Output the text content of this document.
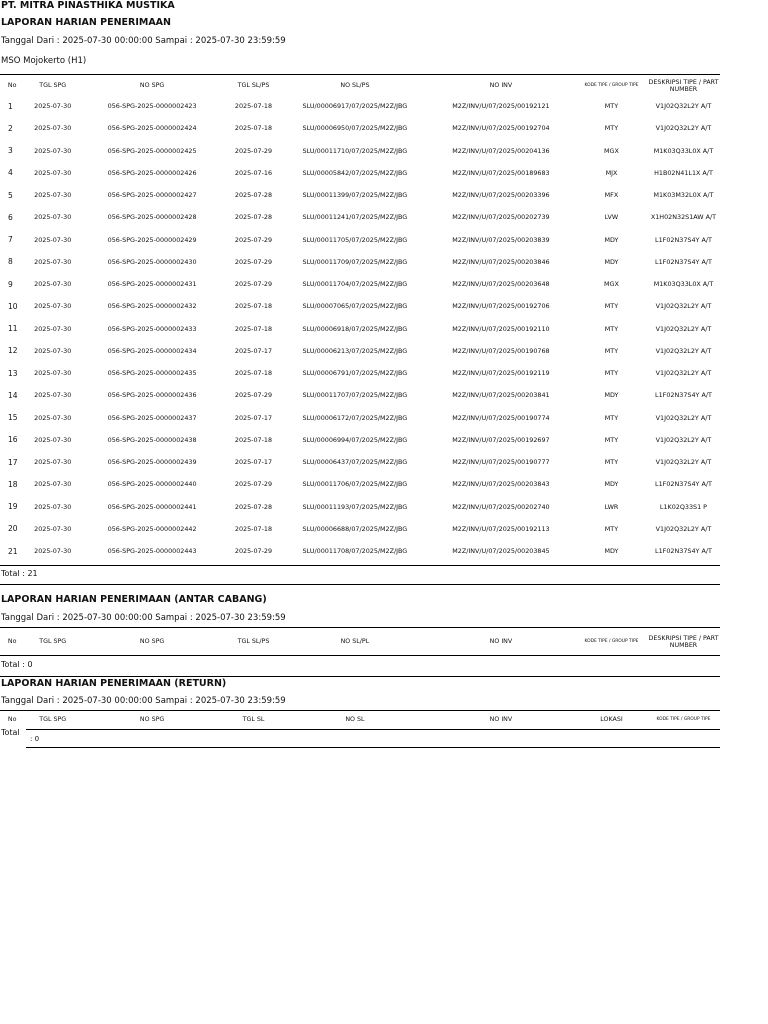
PT. MITRA PINASTHIKA MUSTIKA
LAPORAN HARIAN PENERIMAAN
Tanggal Dari : 2025-07-30 00:00:00 Sampai : 2025-07-30 23:59:59
MSO Mojokerto (H1)
No	TGL SPG	NO SPG	TGL SL/PS	NO SL/PS	NO INV	KODE TIPE / GROUP TIPE	DESKRIPSI TIPE / PART NUMBER
1	2025-07-30	056-SPG-2025-0000002423	2025-07-18	SLU/00006917/07/2025/M2Z/JBG	M2Z/INV/U/07/2025/00192121	MTY	V1J02Q32L2Y A/T
2	2025-07-30	056-SPG-2025-0000002424	2025-07-18	SLU/00006950/07/2025/M2Z/JBG	M2Z/INV/U/07/2025/00192704	MTY	V1J02Q32L2Y A/T
3	2025-07-30	056-SPG-2025-0000002425	2025-07-29	SLU/00011710/07/2025/M2Z/JBG	M2Z/INV/U/07/2025/00204136	MGX	M1K03Q33L0X A/T
4	2025-07-30	056-SPG-2025-0000002426	2025-07-16	SLU/00005842/07/2025/M2Z/JBG	M2Z/INV/U/07/2025/00189683	MJX	H1B02N41L1X A/T
5	2025-07-30	056-SPG-2025-0000002427	2025-07-28	SLU/00011399/07/2025/M2Z/JBG	M2Z/INV/U/07/2025/00203396	MFX	M1K03M32L0X A/T
6	2025-07-30	056-SPG-2025-0000002428	2025-07-28	SLU/00011241/07/2025/M2Z/JBG	M2Z/INV/U/07/2025/00202739	LVW	X1H02N32S1AW A/T
7	2025-07-30	056-SPG-2025-0000002429	2025-07-29	SLU/00011705/07/2025/M2Z/JBG	M2Z/INV/U/07/2025/00203839	MDY	L1F02N37S4Y A/T
8	2025-07-30	056-SPG-2025-0000002430	2025-07-29	SLU/00011709/07/2025/M2Z/JBG	M2Z/INV/U/07/2025/00203846	MDY	L1F02N37S4Y A/T
9	2025-07-30	056-SPG-2025-0000002431	2025-07-29	SLU/00011704/07/2025/M2Z/JBG	M2Z/INV/U/07/2025/00203648	MGX	M1K03Q33L0X A/T
10	2025-07-30	056-SPG-2025-0000002432	2025-07-18	SLU/00007065/07/2025/M2Z/JBG	M2Z/INV/U/07/2025/00192706	MTY	V1J02Q32L2Y A/T
11	2025-07-30	056-SPG-2025-0000002433	2025-07-18	SLU/00006918/07/2025/M2Z/JBG	M2Z/INV/U/07/2025/00192110	MTY	V1J02Q32L2Y A/T
12	2025-07-30	056-SPG-2025-0000002434	2025-07-17	SLU/00006213/07/2025/M2Z/JBG	M2Z/INV/U/07/2025/00190768	MTY	V1J02Q32L2Y A/T
13	2025-07-30	056-SPG-2025-0000002435	2025-07-18	SLU/00006791/07/2025/M2Z/JBG	M2Z/INV/U/07/2025/00192119	MTY	V1J02Q32L2Y A/T
14	2025-07-30	056-SPG-2025-0000002436	2025-07-29	SLU/00011707/07/2025/M2Z/JBG	M2Z/INV/U/07/2025/00203841	MDY	L1F02N37S4Y A/T
15	2025-07-30	056-SPG-2025-0000002437	2025-07-17	SLU/00006172/07/2025/M2Z/JBG	M2Z/INV/U/07/2025/00190774	MTY	V1J02Q32L2Y A/T
16	2025-07-30	056-SPG-2025-0000002438	2025-07-18	SLU/00006994/07/2025/M2Z/JBG	M2Z/INV/U/07/2025/00192697	MTY	V1J02Q32L2Y A/T
17	2025-07-30	056-SPG-2025-0000002439	2025-07-17	SLU/00006437/07/2025/M2Z/JBG	M2Z/INV/U/07/2025/00190777	MTY	V1J02Q32L2Y A/T
18	2025-07-30	056-SPG-2025-0000002440	2025-07-29	SLU/00011706/07/2025/M2Z/JBG	M2Z/INV/U/07/2025/00203843	MDY	L1F02N37S4Y A/T
19	2025-07-30	056-SPG-2025-0000002441	2025-07-28	SLU/00011193/07/2025/M2Z/JBG	M2Z/INV/U/07/2025/00202740	LWR	L1K02Q33S1 P
20	2025-07-30	056-SPG-2025-0000002442	2025-07-18	SLU/00006688/07/2025/M2Z/JBG	M2Z/INV/U/07/2025/00192113	MTY	V1J02Q32L2Y A/T
21	2025-07-30	056-SPG-2025-0000002443	2025-07-29	SLU/00011708/07/2025/M2Z/JBG	M2Z/INV/U/07/2025/00203845	MDY	L1F02N37S4Y A/T
Total : 21
LAPORAN HARIAN PENERIMAAN (ANTAR CABANG)
Tanggal Dari : 2025-07-30 00:00:00 Sampai : 2025-07-30 23:59:59
No	TGL SPG	NO SPG	TGL SL/PS	NO SL/PL	NO INV	KODE TIPE / GROUP TIPE	DESKRIPSI TIPE / PART NUMBER
Total : 0
LAPORAN HARIAN PENERIMAAN (RETURN)
Tanggal Dari : 2025-07-30 00:00:00 Sampai : 2025-07-30 23:59:59
No	TGL SPG	NO SPG	TGL SL	NO SL	NO INV	LOKASI	KODE TIPE / GROUP TIPE
Total
: 0
